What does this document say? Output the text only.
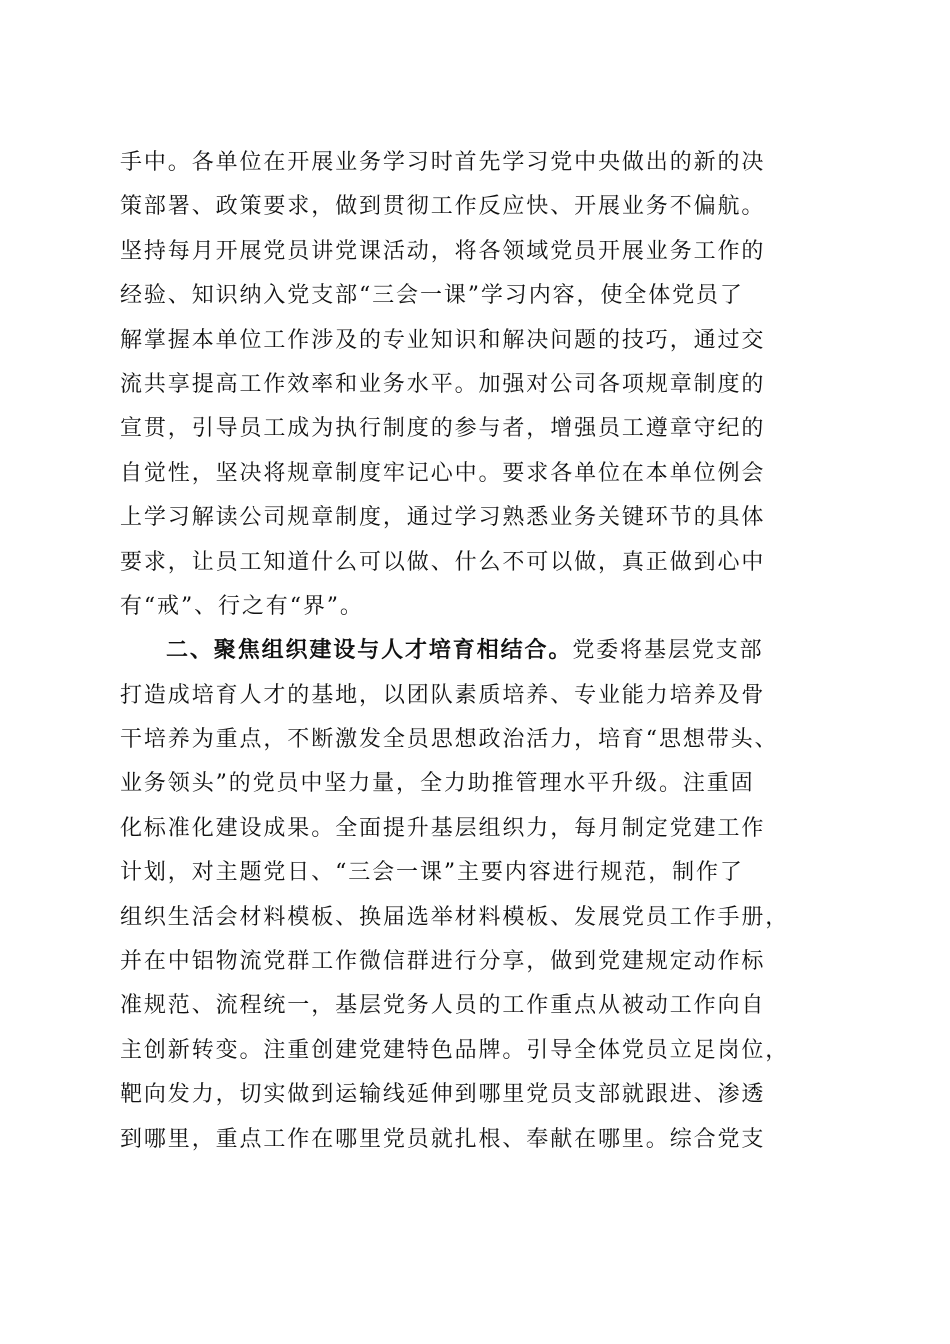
手中。各单位在开展业务学习时首先学习党中央做出的新的决
策部署、政策要求，做到贯彻工作反应快、开展业务不偏航。
坚持每月开展党员讲党课活动，将各领域党员开展业务工作的
经验、知识纳入党支部“三会一课”学习内容，使全体党员了
解掌握本单位工作涉及的专业知识和解决问题的技巧，通过交
流共享提高工作效率和业务水平。加强对公司各项规章制度的
宣贯，引导员工成为执行制度的参与者，增强员工遵章守纪的
自觉性，坚决将规章制度牢记心中。要求各单位在本单位例会
上学习解读公司规章制度，通过学习熟悉业务关键环节的具体
要求，让员工知道什么可以做、什么不可以做，真正做到心中
有“戒”、行之有“界”。
二、聚焦组织建设与人才培育相结合。党委将基层党支部
打造成培育人才的基地，以团队素质培养、专业能力培养及骨
干培养为重点，不断激发全员思想政治活力，培育“思想带头、
业务领头”的党员中坚力量，全力助推管理水平升级。注重固
化标准化建设成果。全面提升基层组织力，每月制定党建工作
计划，对主题党日、“三会一课”主要内容进行规范，制作了
组织生活会材料模板、换届选举材料模板、发展党员工作手册，
并在中铝物流党群工作微信群进行分享，做到党建规定动作标
准规范、流程统一，基层党务人员的工作重点从被动工作向自
主创新转变。注重创建党建特色品牌。引导全体党员立足岗位，
靶向发力，切实做到运输线延伸到哪里党员支部就跟进、渗透
到哪里，重点工作在哪里党员就扎根、奉献在哪里。综合党支
